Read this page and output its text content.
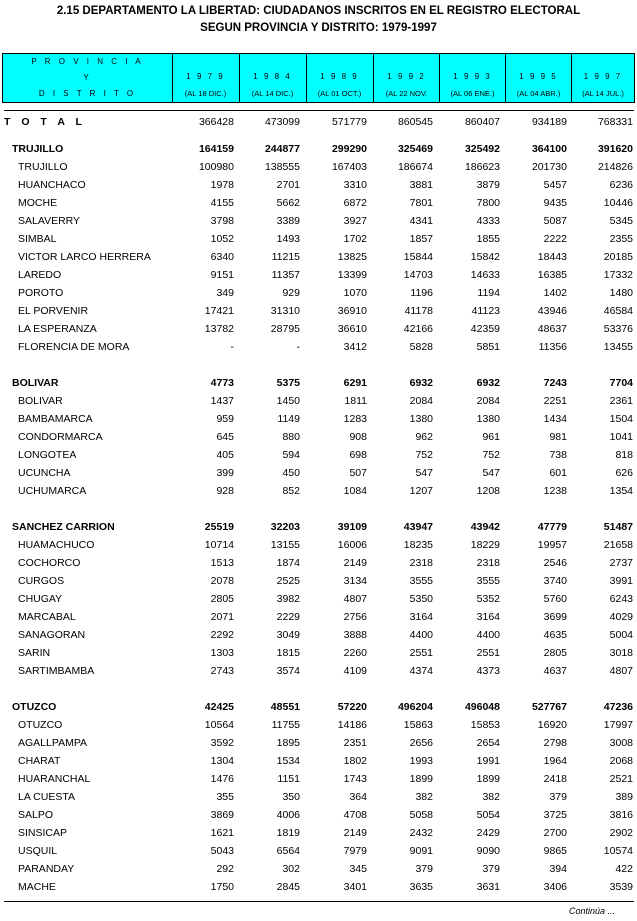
2.15 DEPARTAMENTO LA LIBERTAD: CIUDADANOS INSCRITOS EN EL REGISTRO ELECTORAL
SEGUN PROVINCIA Y DISTRITO: 1979-1997
P R O V I N C I A
Y
D I S T R I T O
1 9 7 9
(AL 18 DIC.)
1 9 8 4
(AL 14 DIC.)
1 9 8 9
(AL 01 OCT.)
1 9 9 2
(AL 22 NOV.
1 9 9 3
(AL 06 ENE.)
1 9 9 5
(AL 04 ABR.)
1 9 9 7
(AL 14 JUL.)
T O T A L	366428	473099	571779	860545	860407	934189	768331
TRUJILLO	164159	244877	299290	325469	325492	364100	391620
TRUJILLO	100980	138555	167403	186674	186623	201730	214826
HUANCHACO	1978	2701	3310	3881	3879	5457	6236
MOCHE	4155	5662	6872	7801	7800	9435	10446
SALAVERRY	3798	3389	3927	4341	4333	5087	5345
SIMBAL	1052	1493	1702	1857	1855	2222	2355
VICTOR LARCO HERRERA	6340	11215	13825	15844	15842	18443	20185
LAREDO	9151	11357	13399	14703	14633	16385	17332
POROTO	349	929	1070	1196	1194	1402	1480
EL PORVENIR	17421	31310	36910	41178	41123	43946	46584
LA ESPERANZA	13782	28795	36610	42166	42359	48637	53376
FLORENCIA DE MORA	-	-	3412	5828	5851	11356	13455
BOLIVAR	4773	5375	6291	6932	6932	7243	7704
BOLIVAR	1437	1450	1811	2084	2084	2251	2361
BAMBAMARCA	959	1149	1283	1380	1380	1434	1504
CONDORMARCA	645	880	908	962	961	981	1041
LONGOTEA	405	594	698	752	752	738	818
UCUNCHA	399	450	507	547	547	601	626
UCHUMARCA	928	852	1084	1207	1208	1238	1354
SANCHEZ CARRION	25519	32203	39109	43947	43942	47779	51487
HUAMACHUCO	10714	13155	16006	18235	18229	19957	21658
COCHORCO	1513	1874	2149	2318	2318	2546	2737
CURGOS	2078	2525	3134	3555	3555	3740	3991
CHUGAY	2805	3982	4807	5350	5352	5760	6243
MARCABAL	2071	2229	2756	3164	3164	3699	4029
SANAGORAN	2292	3049	3888	4400	4400	4635	5004
SARIN	1303	1815	2260	2551	2551	2805	3018
SARTIMBAMBA	2743	3574	4109	4374	4373	4637	4807
OTUZCO	42425	48551	57220	496204	496048	527767	47236
OTUZCO	10564	11755	14186	15863	15853	16920	17997
AGALLPAMPA	3592	1895	2351	2656	2654	2798	3008
CHARAT	1304	1534	1802	1993	1991	1964	2068
HUARANCHAL	1476	1151	1743	1899	1899	2418	2521
LA CUESTA	355	350	364	382	382	379	389
SALPO	3869	4006	4708	5058	5054	3725	3816
SINSICAP	1621	1819	2149	2432	2429	2700	2902
USQUIL	5043	6564	7979	9091	9090	9865	10574
PARANDAY	292	302	345	379	379	394	422
MACHE	1750	2845	3401	3635	3631	3406	3539
Continúa ...
